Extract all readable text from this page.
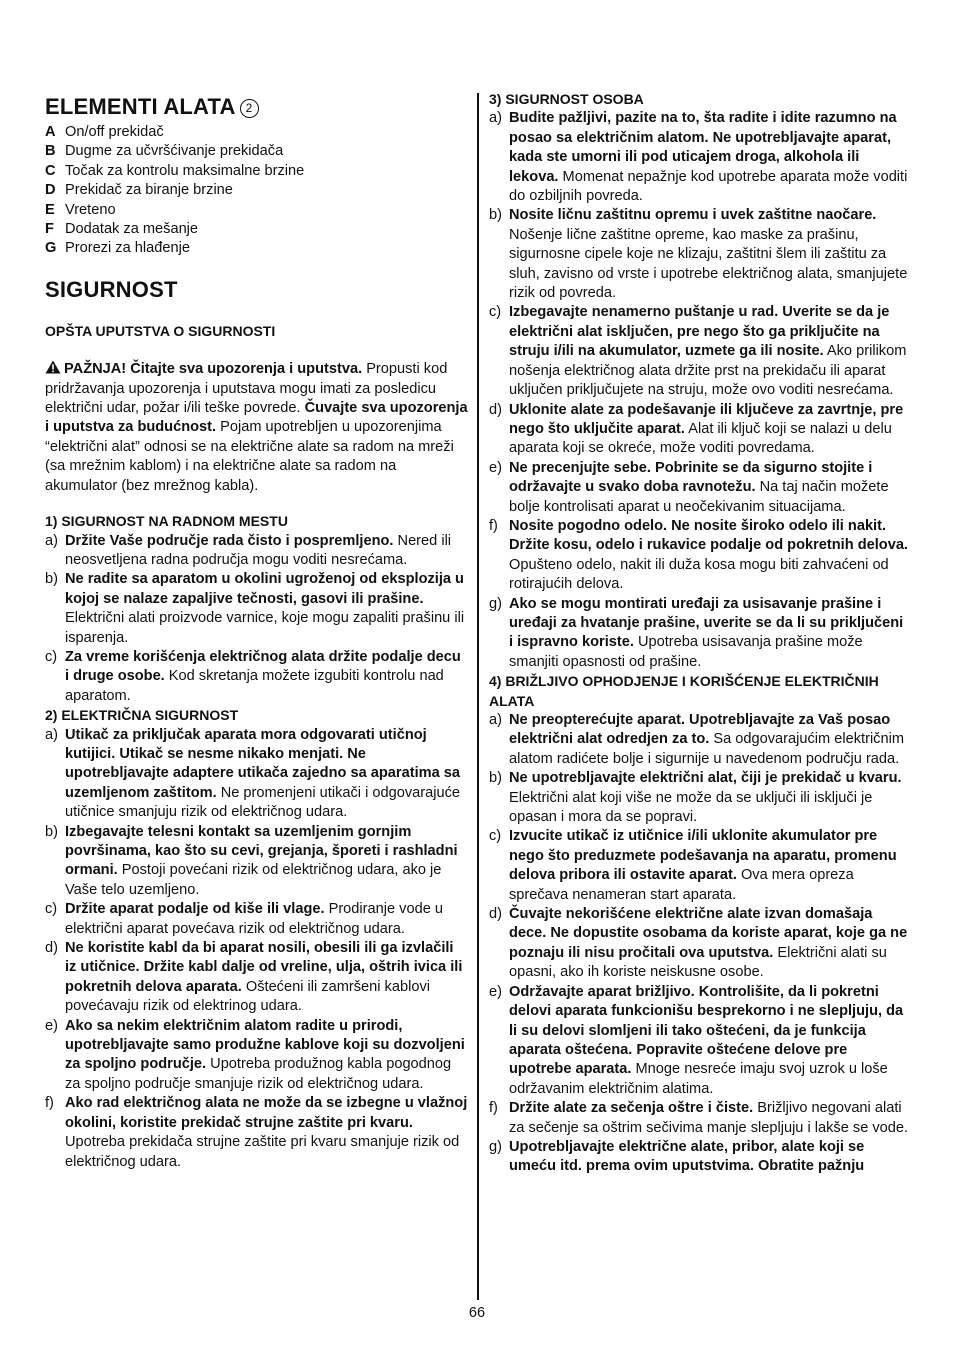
ELEMENTI ALATA 2
A On/off prekidač
B Dugme za učvršćivanje prekidača
C Točak za kontrolu maksimalne brzine
D Prekidač za biranje brzine
E Vreteno
F Dodatak za mešanje
G Prorezi za hlađenje
SIGURNOST
OPŠTA UPUTSTVA O SIGURNOSTI
PAŽNJA! Čitajte sva upozorenja i uputstva. Propusti kod pridržavanja upozorenja i uputstava mogu imati za posledicu električni udar, požar i/ili teške povrede. Čuvajte sva upozorenja i uputstva za budućnost. Pojam upotrebljen u upozorenjima “električni alat” odnosi se na električne alate sa radom na mreži (sa mrežnim kablom) i na električne alate sa radom na akumulator (bez mrežnog kabla).
1) SIGURNOST NA RADNOM MESTU
a) Držite Vaše područje rada čisto i pospremljeno. Nered ili neosvetljena radna područja mogu voditi nesrećama.
b) Ne radite sa aparatom u okolini ugroženoj od eksplozija u kojoj se nalaze zapaljive tečnosti, gasovi ili prašine. Električni alati proizvode varnice, koje mogu zapaliti prašinu ili isparenja.
c) Za vreme korišćenja električnog alata držite podalje decu i druge osobe. Kod skretanja možete izgubiti kontrolu nad aparatom.
2) ELEKTRIČNA SIGURNOST
a) Utikač za priključak aparata mora odgovarati utičnoj kutijici. Utikač se nesme nikako menjati. Ne upotrebljavajte adaptere utikača zajedno sa aparatima sa uzemljenom zaštitom. Ne promenjeni utikači i odgovarajuće utičnice smanjuju rizik od električnog udara.
b) Izbegavajte telesni kontakt sa uzemljenim gornjim površinama, kao što su cevi, grejanja, šporeti i rashladni ormani. Postoji povećani rizik od električnog udara, ako je Vaše telo uzemljeno.
c) Držite aparat podalje od kiše ili vlage. Prodiranje vode u električni aparat povećava rizik od električnog udara.
d) Ne koristite kabl da bi aparat nosili, obesili ili ga izvlačili iz utičnice. Držite kabl dalje od vreline, ulja, oštrih ivica ili pokretnih delova aparata. Oštećeni ili zamršeni kablovi povećavaju rizik od elektrinog udara.
e) Ako sa nekim električnim alatom radite u prirodi, upotrebljavajte samo produžne kablove koji su dozvoljeni za spoljno područje. Upotreba produžnog kabla pogodnog za spoljno područje smanjuje rizik od električnog udara.
f) Ako rad električnog alata ne može da se izbegne u vlažnoj okolini, koristite prekidač strujne zaštite pri kvaru. Upotreba prekidača strujne zaštite pri kvaru smanjuje rizik od električnog udara.
3) SIGURNOST OSOBA
a) Budite pažljivi, pazite na to, šta radite i idite razumno na posao sa električnim alatom. Ne upotrebljavajte aparat, kada ste umorni ili pod uticajem droga, alkohola ili lekova. Momenat nepažnje kod upotrebe aparata može voditi do ozbiljnih povreda.
b) Nosite ličnu zaštitnu opremu i uvek zaštitne naočare. Nošenje lične zaštitne opreme, kao maske za prašinu, sigurnosne cipele koje ne klizaju, zaštitni šlem ili zaštitu za sluh, zavisno od vrste i upotrebe električnog alata, smanjujete rizik od povreda.
c) Izbegavajte nenamerno puštanje u rad. Uverite se da je električni alat isključen, pre nego što ga priključite na struju i/ili na akumulator, uzmete ga ili nosite. Ako prilikom nošenja električnog alata držite prst na prekidaču ili aparat uključen priključujete na struju, može ovo voditi nesrećama.
d) Uklonite alate za podešavanje ili ključeve za zavrtnje, pre nego što uključite aparat. Alat ili ključ koji se nalazi u delu aparata koji se okreće, može voditi povredama.
e) Ne precenjujte sebe. Pobrinite se da sigurno stojite i održavajte u svako doba ravnotežu. Na taj način možete bolje kontrolisati aparat u neočekivanim situacijama.
f) Nosite pogodno odelo. Ne nosite široko odelo ili nakit. Držite kosu, odelo i rukavice podalje od pokretnih delova. Opušteno odelo, nakit ili duža kosa mogu biti zahvaćeni od rotirajućih delova.
g) Ako se mogu montirati uređaji za usisavanje prašine i uređaji za hvatanje prašine, uverite se da li su priključeni i ispravno koriste. Upotreba usisavanja prašine može smanjiti opasnosti od prašine.
4) BRIŽLJIVO OPHODJENJE I KORIŠĆENJE ELEKTRIČNIH ALATA
a) Ne preopterećujte aparat. Upotrebljavajte za Vaš posao električni alat odredjen za to. Sa odgovarajućim električnim alatom radićete bolje i sigurnije u navedenom području rada.
b) Ne upotrebljavajte električni alat, čiji je prekidač u kvaru. Električni alat koji više ne može da se uključi ili isključi je opasan i mora da se popravi.
c) Izvucite utikač iz utičnice i/ili uklonite akumulator pre nego što preduzmete podešavanja na aparatu, promenu delova pribora ili ostavite aparat. Ova mera opreza sprečava nenameran start aparata.
d) Čuvajte nekorišćene električne alate izvan domašaja dece. Ne dopustite osobama da koriste aparat, koje ga ne poznaju ili nisu pročitali ova uputstva. Električni alati su opasni, ako ih koriste neiskusne osobe.
e) Održavajte aparat brižljivo. Kontrolišite, da li pokretni delovi aparata funkcionišu besprekorno i ne slepljuju, da li su delovi slomljeni ili tako oštećeni, da je funkcija aparata oštećena. Popravite oštećene delove pre upotrebe aparata. Mnoge nesreće imaju svoj uzrok u loše održavanim električnim alatima.
f) Držite alate za sečenja oštre i čiste. Brižljivo negovani alati za sečenje sa oštrim sečivima manje slepljuju i lakše se vode.
g) Upotrebljavajte električne alate, pribor, alate koji se umeću itd. prema ovim uputstvima. Obratite pažnju
66
